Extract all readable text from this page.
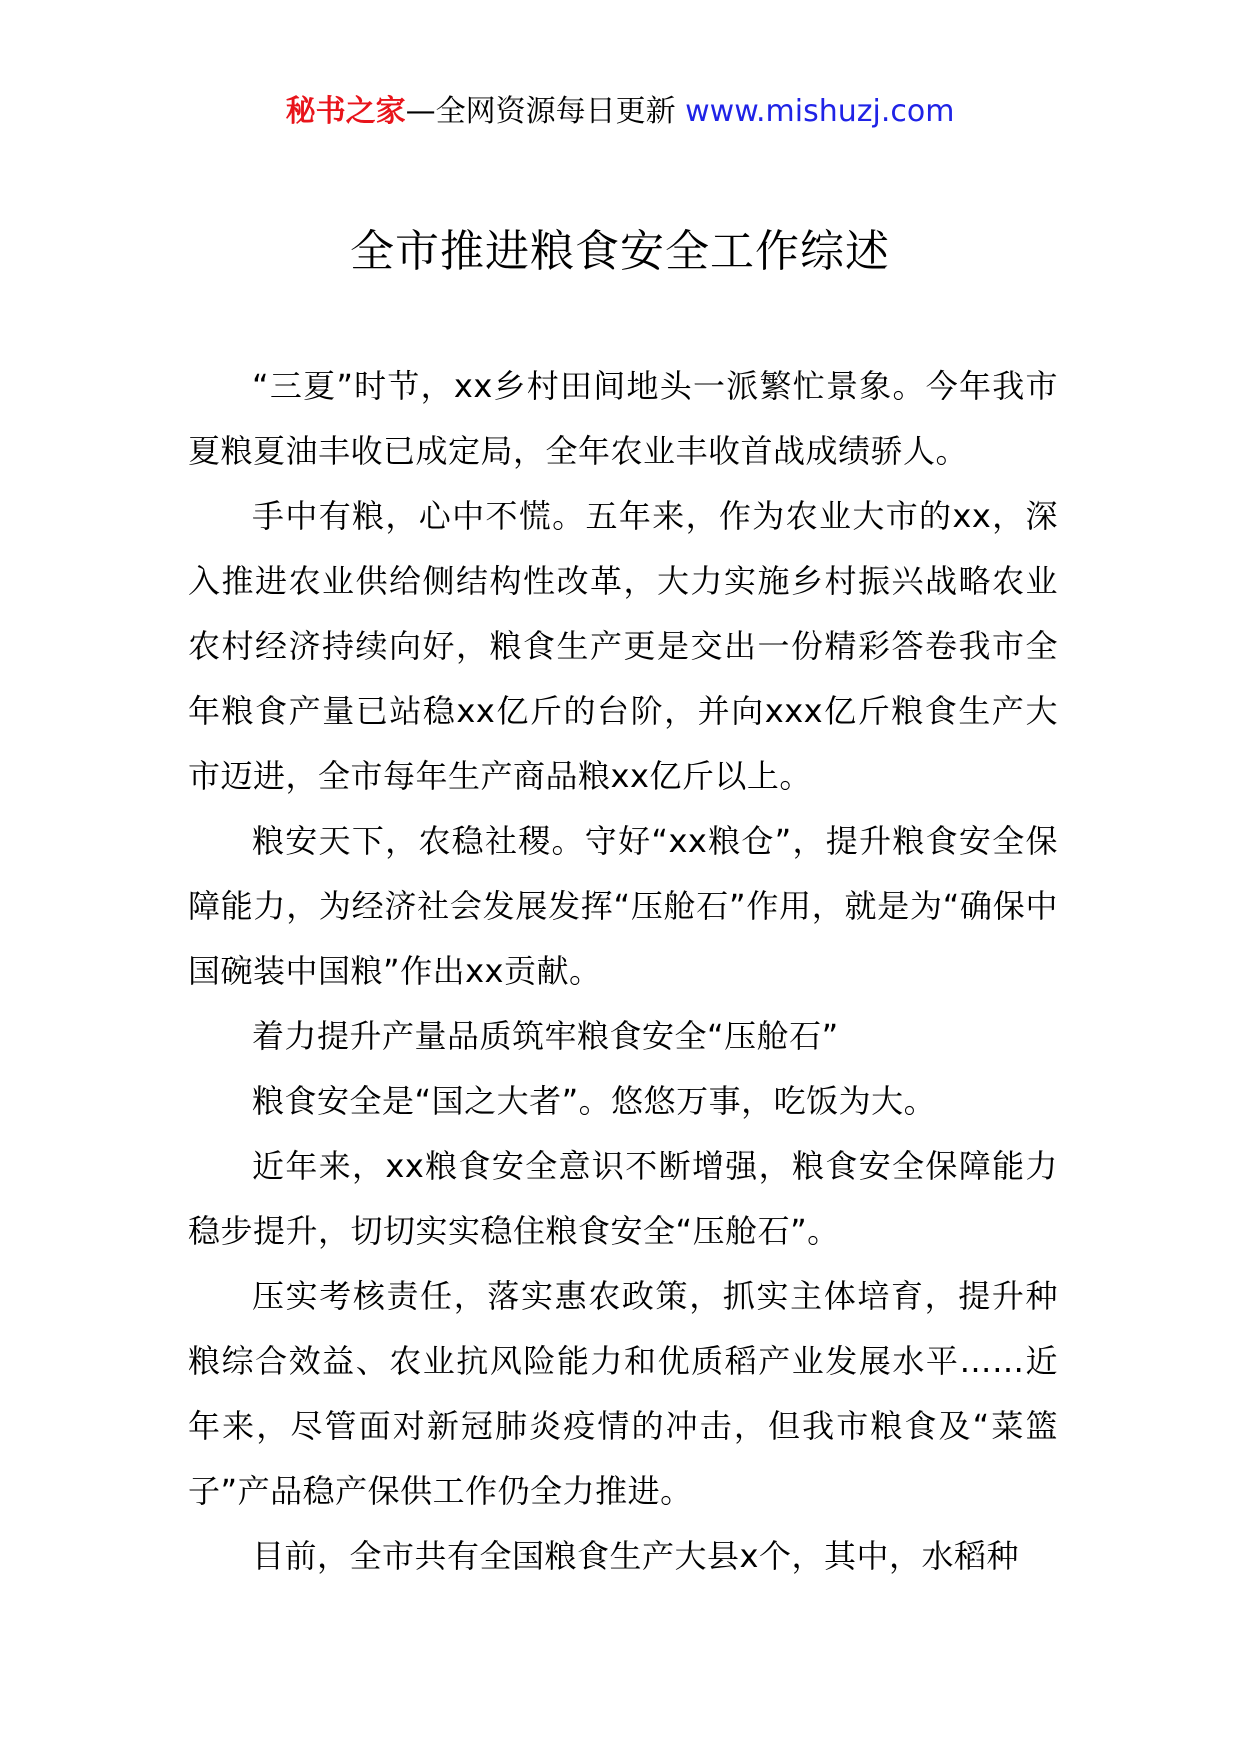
秘书之家—全网资源每日更新 www.mishuzj.com
全市推进粮食安全工作综述

“三夏”时节，xx乡村田间地头一派繁忙景象。今年我市夏粮夏油丰收已成定局，全年农业丰收首战成绩骄人。

手中有粮，心中不慌。五年来，作为农业大市的xx，深入推进农业供给侧结构性改革，大力实施乡村振兴战略农业农村经济持续向好，粮食生产更是交出一份精彩答卷我市全年粮食产量已站稳xx亿斤的台阶，并向xxx亿斤粮食生产大市迈进，全市每年生产商品粮xx亿斤以上。

粮安天下，农稳社稷。守好“xx粮仓”，提升粮食安全保障能力，为经济社会发展发挥“压舱石”作用，就是为“确保中国碗装中国粮”作出xx贡献。

着力提升产量品质筑牢粮食安全“压舱石”

粮食安全是“国之大者”。悠悠万事，吃饭为大。

近年来，xx粮食安全意识不断增强，粮食安全保障能力稳步提升，切切实实稳住粮食安全“压舱石”。

压实考核责任，落实惠农政策，抓实主体培育，提升种粮综合效益、农业抗风险能力和优质稻产业发展水平……近年来，尽管面对新冠肺炎疫情的冲击，但我市粮食及“菜篮子”产品稳产保供工作仍全力推进。

目前，全市共有全国粮食生产大县x个，其中，水稻种
